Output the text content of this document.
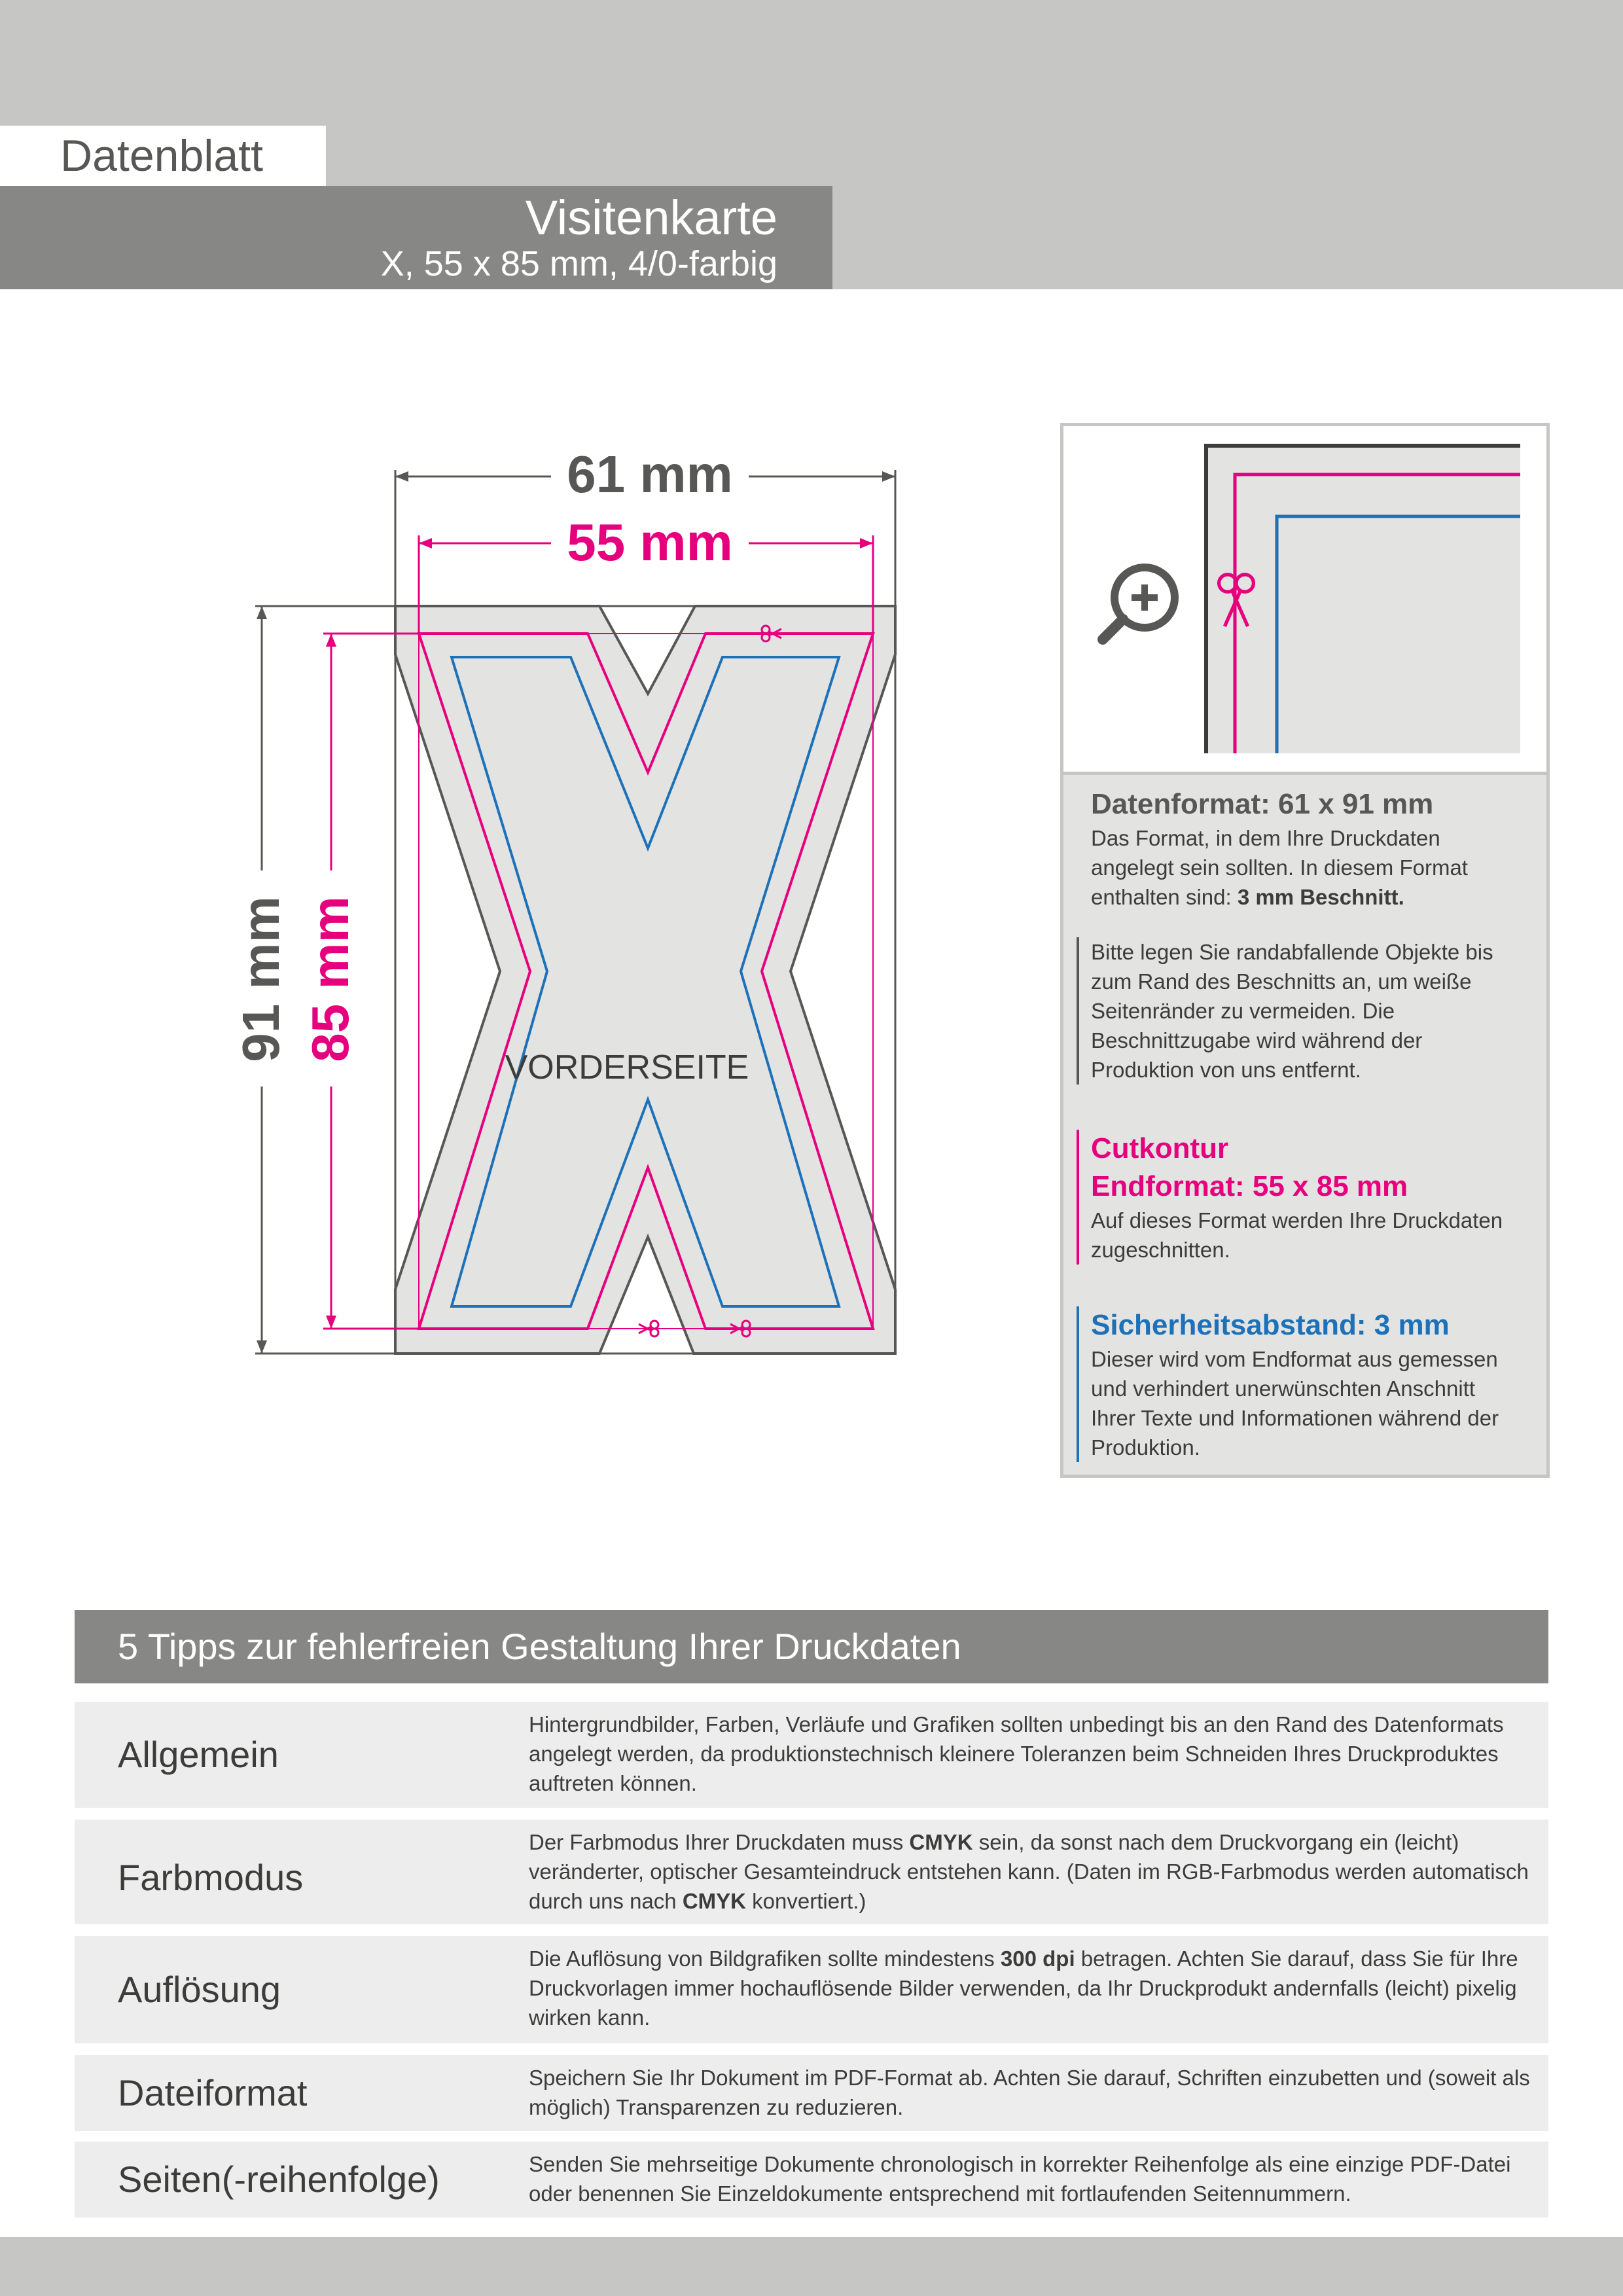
Datenblatt
Visitenkarte
X, 55 x 85 mm, 4/0-farbig
61 mm
55 mm
91 mm 85 mm
VORDERSEITE
Datenformat: 61 x 91 mm
Das Format, in dem Ihre Druckdaten
angelegt sein sollten. In diesem Format
enthalten sind: 3 mm Beschnitt.
Bitte legen Sie randabfallende Objekte bis zum Rand des Beschnitts an, um weiße Seitenränder zu vermeiden. Die Beschnittzugabe wird während der Produktion von uns entfernt.
Cutkontur
Endformat: 55 x 85 mm
Auf dieses Format werden Ihre Druckdaten zugeschnitten.
Sicherheitsabstand: 3 mm
Dieser wird vom Endformat aus gemessen und verhindert unerwünschten Anschnitt Ihrer Texte und Informationen während der Produktion.
5 Tipps zur fehlerfreien Gestaltung Ihrer Druckdaten
Allgemein
Hintergrundbilder, Farben, Verläufe und Grafiken sollten unbedingt bis an den Rand des Datenformats angelegt werden, da produktionstechnisch kleinere Toleranzen beim Schneiden Ihres Druckproduktes auftreten können.
Farbmodus
Der Farbmodus Ihrer Druckdaten muss CMYK sein, da sonst nach dem Druckvorgang ein (leicht) veränderter, optischer Gesamteindruck entstehen kann. (Daten im RGB-Farbmodus werden automatisch durch uns nach CMYK konvertiert.)
Auflösung
Die Auflösung von Bildgrafiken sollte mindestens 300 dpi betragen. Achten Sie darauf, dass Sie für Ihre Druckvorlagen immer hochauflösende Bilder verwenden, da Ihr Druckprodukt andernfalls (leicht) pixelig wirken kann.
Dateiformat	Speichern Sie Ihr Dokument im PDF-Format ab. Achten Sie darauf, Schriften einzubetten und (soweit als möglich) Transparenzen zu reduzieren.
Seiten(-reihenfolge)	Senden Sie mehrseitige Dokumente chronologisch in korrekter Reihenfolge als eine einzige PDF-Datei oder benennen Sie Einzeldokumente entsprechend mit fortlaufenden Seitennummern.
